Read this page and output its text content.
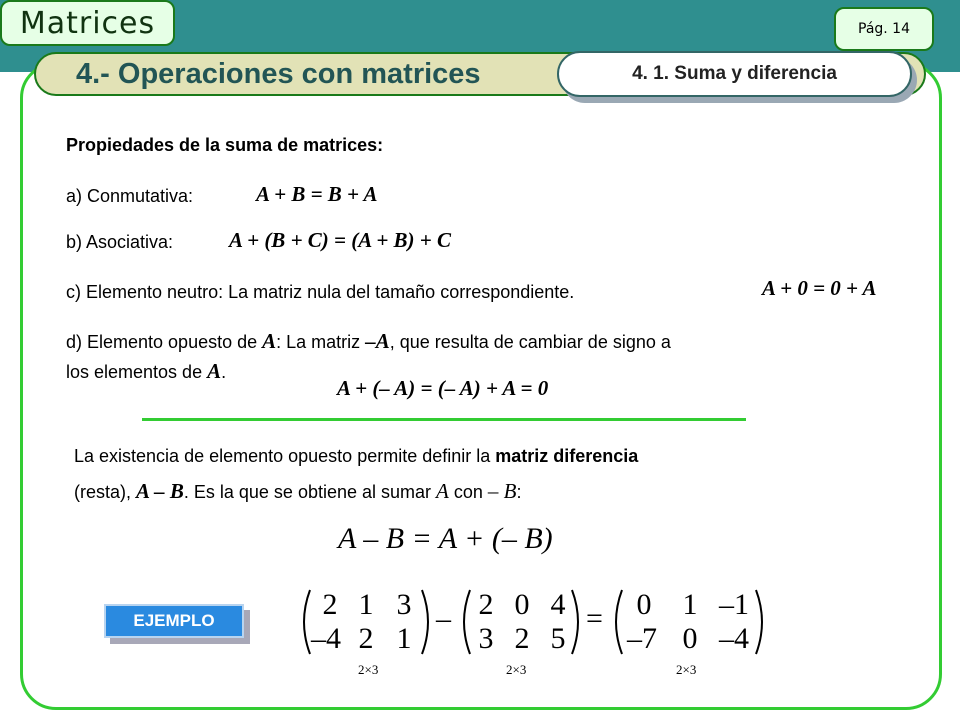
Matrices	Pág. 14
4.- Operaciones con matrices	4. 1. Suma y diferencia
Propiedades de la suma de matrices:
a) Conmutativa:	A + B = B + A
b) Asociativa:	A + (B + C) = (A + B) + C
c) Elemento neutro: La matriz nula del tamaño correspondiente.	A + 0 = 0 + A
d) Elemento opuesto de A: La matriz –A, que resulta de cambiar de signo a
los elementos de A.
A + (– A) = (– A) + A = 0
La existencia de elemento opuesto permite definir la matriz diferencia
(resta), A – B. Es la que se obtiene al sumar A con – B:
A – B = A + (– B)
EJEMPLO	2 1 3
–4 2 1
2×3
– 2 0 4
3 2 5
2×3
=	0	1 –1
–7 0 –4
2×3
